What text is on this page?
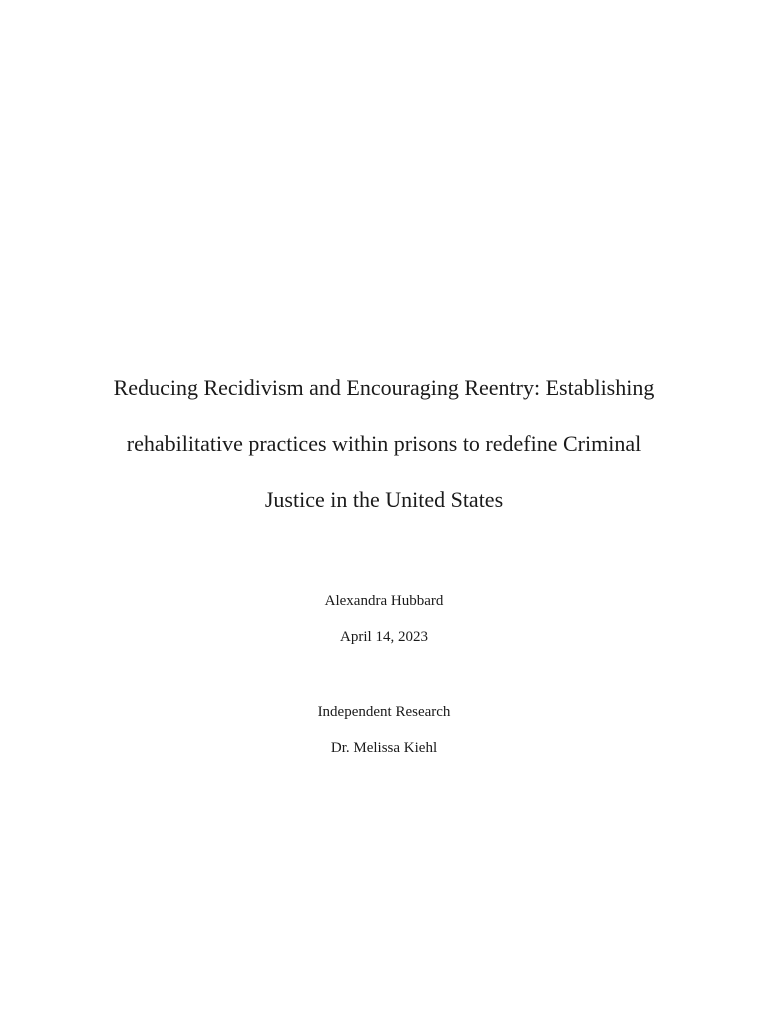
Reducing Recidivism and Encouraging Reentry: Establishing
rehabilitative practices within prisons to redefine Criminal
Justice in the United States
Alexandra Hubbard
April 14, 2023
Independent Research
Dr. Melissa Kiehl
